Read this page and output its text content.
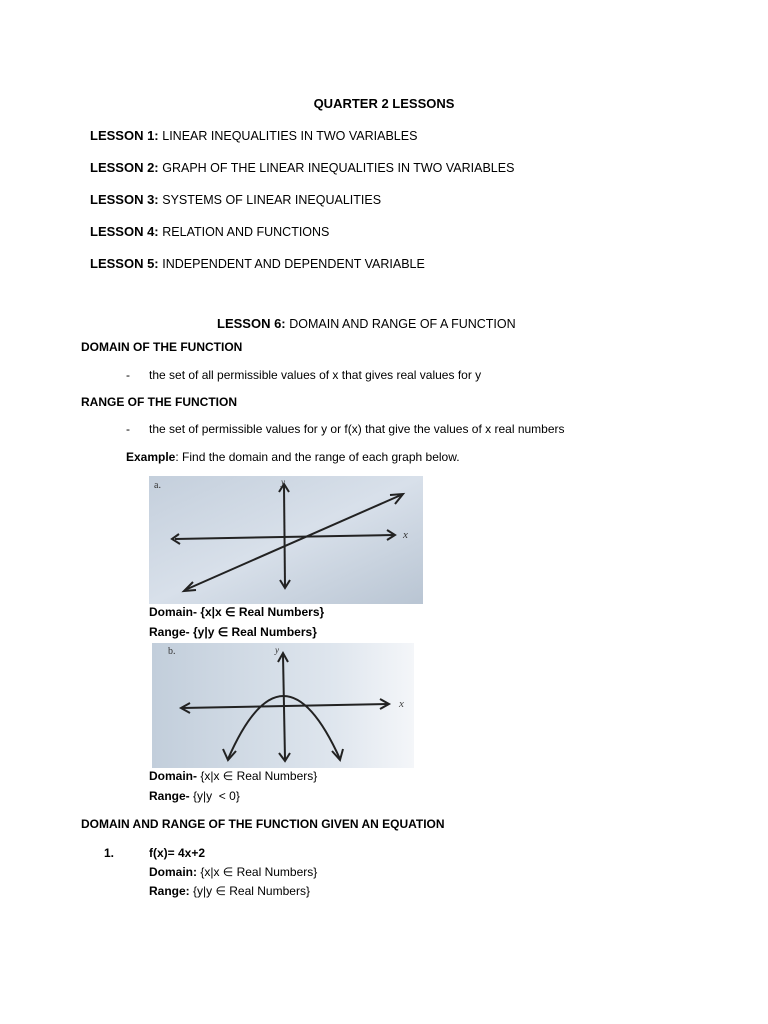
QUARTER 2 LESSONS
LESSON 1: LINEAR INEQUALITIES IN TWO VARIABLES
LESSON 2: GRAPH OF THE LINEAR INEQUALITIES IN TWO VARIABLES
LESSON 3: SYSTEMS OF LINEAR INEQUALITIES
LESSON 4: RELATION AND FUNCTIONS
LESSON 5: INDEPENDENT AND DEPENDENT VARIABLE
LESSON 6: DOMAIN AND RANGE OF A FUNCTION
DOMAIN OF THE FUNCTION
- the set of all permissible values of x that gives real values for y
RANGE OF THE FUNCTION
- the set of permissible values for y or f(x) that give the values of x real numbers
Example: Find the domain and the range of each graph below.
a.
x
y
Domain- {x|x ∈ Real Numbers}
Range- {y|y ∈ Real Numbers}
b.
x
y
Domain- {x|x ∈ Real Numbers}
Range- {y|y  < 0}
DOMAIN AND RANGE OF THE FUNCTION GIVEN AN EQUATION
1.	f(x)= 4x+2
Domain: {x|x ∈ Real Numbers}
Range: {y|y ∈ Real Numbers}
